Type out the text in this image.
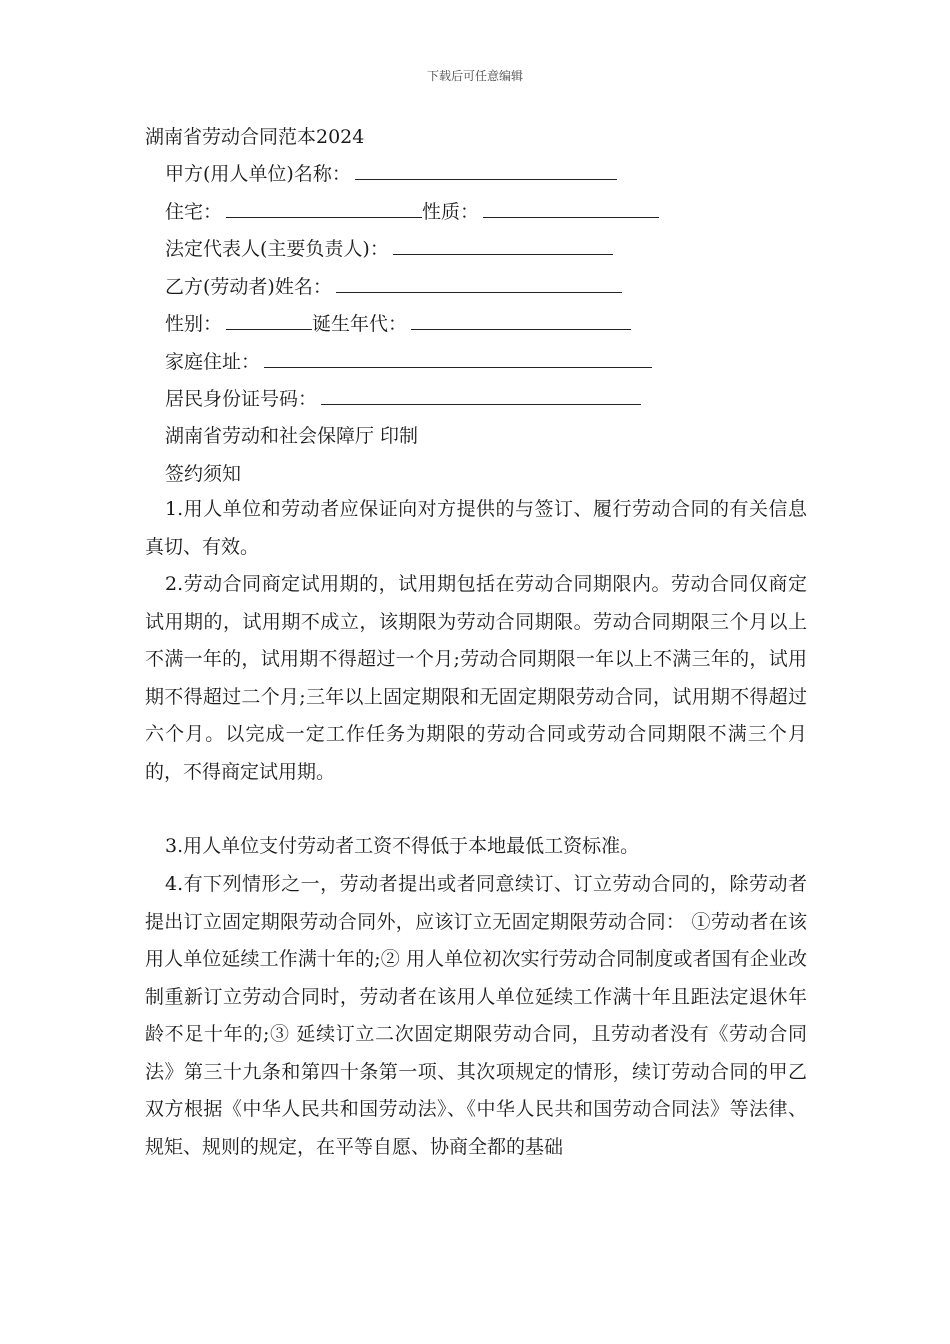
下载后可任意编辑
湖南省劳动合同范本2024
甲方(用人单位)名称：
住宅：	性质：
法定代表人(主要负责人)：
乙方(劳动者)姓名：
性别：	诞生年代：
家庭住址：
居民身份证号码：
湖南省劳动和社会保障厅 印制
签约须知

1.用人单位和劳动者应保证向对方提供的与签订、履行劳动合同的有关信息真切、有效。

2.劳动合同商定试用期的，试用期包括在劳动合同期限内。劳动合同仅商定试用期的，试用期不成立，该期限为劳动合同期限。劳动合同期限三个月以上不满一年的，试用期不得超过一个月;劳动合同期限一年以上不满三年的，试用期不得超过二个月;三年以上固定期限和无固定期限劳动合同，试用期不得超过六个月。以完成一定工作任务为期限的劳动合同或劳动合同期限不满三个月的，不得商定试用期。

3.用人单位支付劳动者工资不得低于本地最低工资标准。

4.有下列情形之一，劳动者提出或者同意续订、订立劳动合同的，除劳动者提出订立固定期限劳动合同外，应该订立无固定期限劳动合同： ①劳动者在该用人单位延续工作满十年的;② 用人单位初次实行劳动合同制度或者国有企业改制重新订立劳动合同时，劳动者在该用人单位延续工作满十年且距法定退休年龄不足十年的;③ 延续订立二次固定期限劳动合同，且劳动者没有《劳动合同法》第三十九条和第四十条第一项、其次项规定的情形，续订劳动合同的甲乙双方根据《中华人民共和国劳动法》、《中华人民共和国劳动合同法》等法律、规矩、规则的规定，在平等自愿、协商全都的基础
